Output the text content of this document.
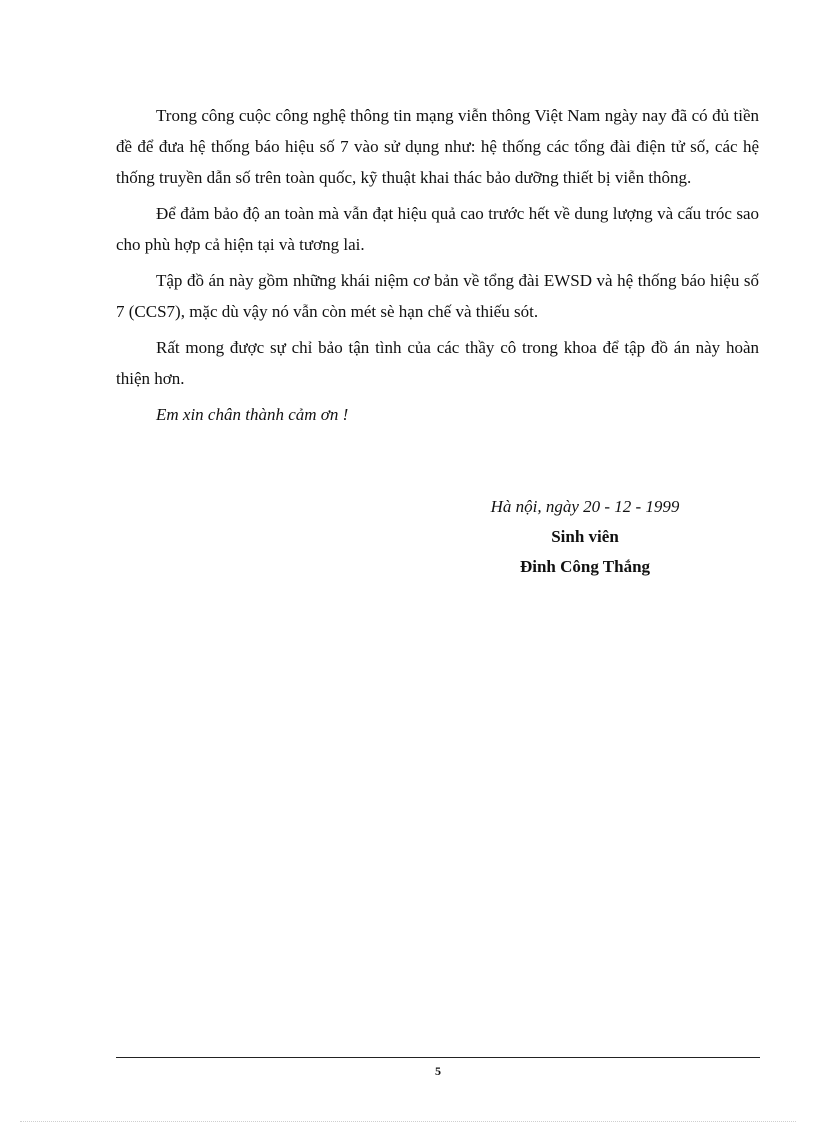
Trong công cuộc công nghệ thông tin mạng viễn thông Việt Nam ngày nay đã có đủ tiền đề để đưa hệ thống báo hiệu số 7 vào sử dụng như: hệ thống các tổng đài điện tử số, các hệ thống truyền dẫn số trên toàn quốc, kỹ thuật khai thác bảo dưỡng thiết bị viễn thông.

Để đảm bảo độ an toàn mà vẫn đạt hiệu quả cao trước hết về dung lượng và cấu tróc sao cho phù hợp cả hiện tại và tương lai.

Tập đồ án này gồm những khái niệm cơ bản về tổng đài EWSD và hệ thống báo hiệu số 7 (CCS7), mặc dù vậy nó vẫn còn mét sè hạn chế và thiếu sót.

Rất mong được sự chỉ bảo tận tình của các thầy cô trong khoa để tập đồ án này hoàn thiện hơn.

Em xin chân thành cảm ơn !

Hà nội, ngày 20 - 12 - 1999
Sinh viên
Đinh Công Thắng
5
